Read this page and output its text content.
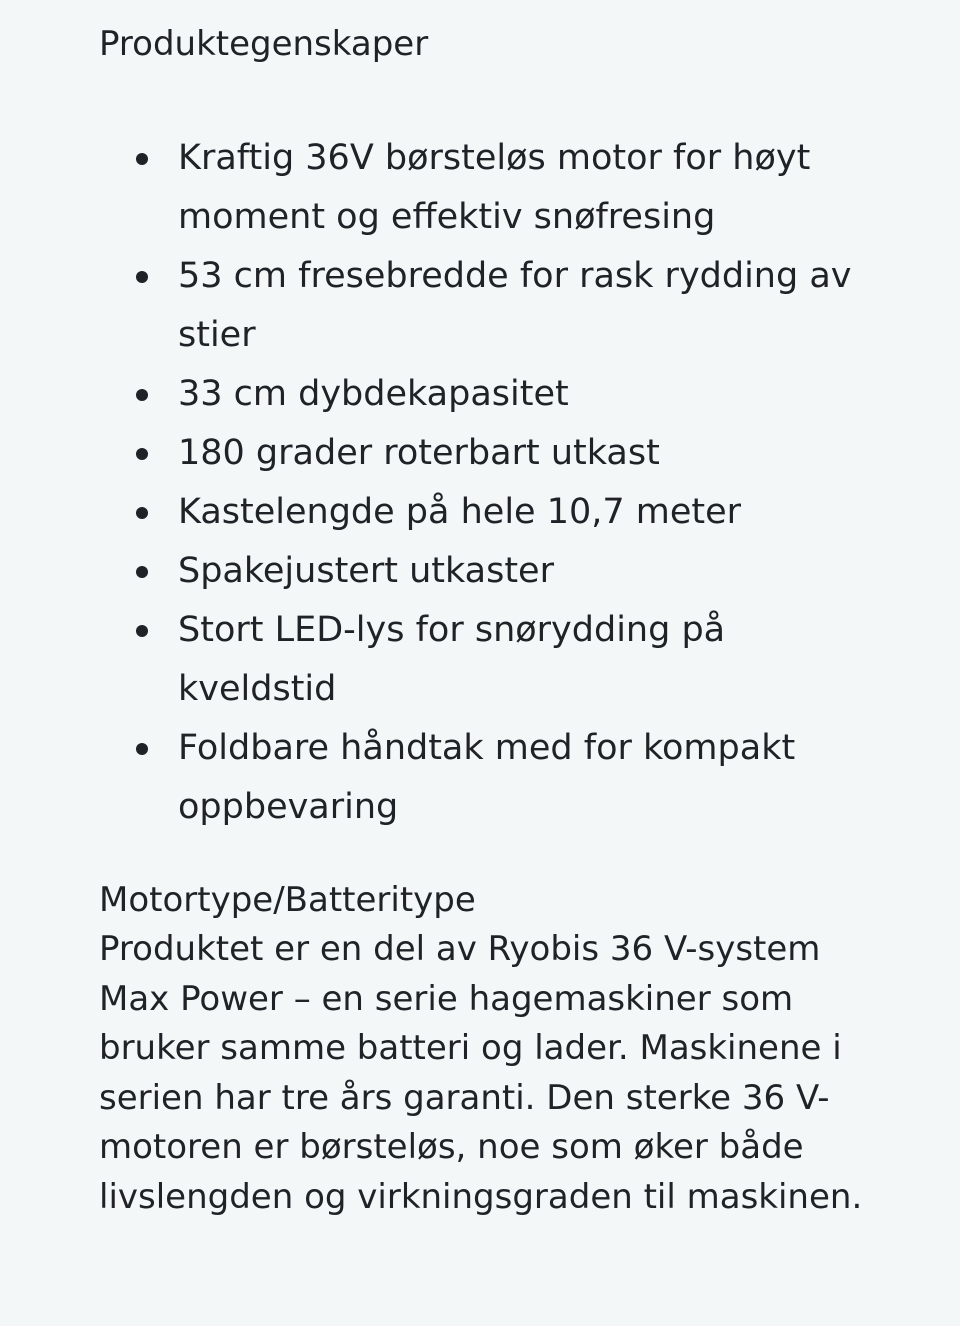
Produktegenskaper
Kraftig 36V børsteløs motor for høyt moment og effektiv snøfresing
53 cm fresebredde for rask rydding av stier
33 cm dybdekapasitet
180 grader roterbart utkast
Kastelengde på hele 10,7 meter
Spakejustert utkaster
Stort LED-lys for snørydding på kveldstid
Foldbare håndtak med for kompakt oppbevaring
Motortype/Batteritype

Produktet er en del av Ryobis 36 V-system Max Power – en serie hagemaskiner som bruker samme batteri og lader. Maskinene i serien har tre års garanti. Den sterke 36 V-motoren er børsteløs, noe som øker både livslengden og virkningsgraden til maskinen.
